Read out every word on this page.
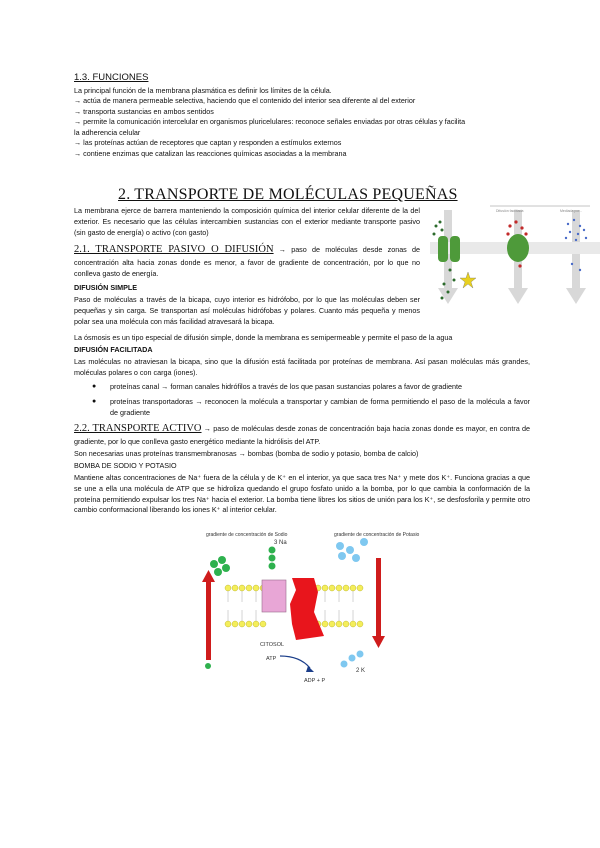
1.3. FUNCIONES
La principal función de la membrana plasmática es definir los límites de la célula.
→ actúa de manera permeable selectiva, haciendo que el contenido del interior sea diferente al del exterior
→ transporta sustancias en ambos sentidos
→ permite la comunicación intercelular en organismos pluricelulares: reconoce señales enviadas por otras células y facilita
la adherencia celular
→ las proteínas actúan de receptores que captan y responden a estímulos externos
→ contiene enzimas que catalizan las reacciones químicas asociadas a la membrana
2. TRANSPORTE DE MOLÉCULAS PEQUEÑAS
La membrana ejerce de barrera manteniendo la composición química del interior celular diferente de la del exterior. Es necesario que las células intercambien sustancias con el exterior mediante transporte pasivo (sin gasto de energía) o activo (con gasto)
2.1. TRANSPORTE PASIVO O DIFUSIÓN → paso de moléculas desde zonas de concentración alta hacia zonas donde es menor, a favor de gradiente de concentración, por lo que no conlleva gasto de energía.
DIFUSIÓN SIMPLE
Paso de moléculas a través de la bicapa, cuyo interior es hidrófobo, por lo que las moléculas deben ser pequeñas y sin carga. Se transportan así moléculas hidrófobas y polares. Cuanto más pequeña y menos polar sea una molécula con más facilidad atravesará la bicapa.
La ósmosis es un tipo especial de difusión simple, donde la membrana es semipermeable y permite el paso de la agua
DIFUSIÓN FACILITADA
Las moléculas no atraviesan la bicapa, sino que la difusión está facilitada por proteínas de membrana. Así pasan moléculas más grandes, moléculas polares o con carga (iones).
● proteínas canal → forman canales hidrófilos a través de los que pasan sustancias polares a favor de gradiente
● proteínas transportadoras → reconocen la molécula a transportar y cambian de forma permitiendo el paso de la molécula a favor de gradiente
2.2. TRANSPORTE ACTIVO → paso de moléculas desde zonas de concentración baja hacia zonas donde es mayor, en contra de gradiente, por lo que conlleva gasto energético mediante la hidrólisis del ATP.
Son necesarias unas proteínas transmembranosas → bombas (bomba de sodio y potasio, bomba de calcio)
BOMBA DE SODIO Y POTASIO
Mantiene altas concentraciones de Na⁺ fuera de la célula y de K⁺ en el interior, ya que saca tres Na⁺ y mete dos K⁺. Funciona gracias a que se une a ella una molécula de ATP que se hidroliza quedando el grupo fosfato unido a la bomba, por lo que cambia la conformación de la proteína permitiendo expulsar los tres Na⁺ hacia el exterior. La bomba tiene libres los sitios de unión para los K⁺, se desfosforila y permite otro cambio conformacional liberando los iones K⁺ al interior celular.
Difusión facilitada	Mediada por...
gradiente de concentración de Sodio	gradiente de concentración de Potasio
3 Na
CITOSOL
ATP
ADP + P
2 K
